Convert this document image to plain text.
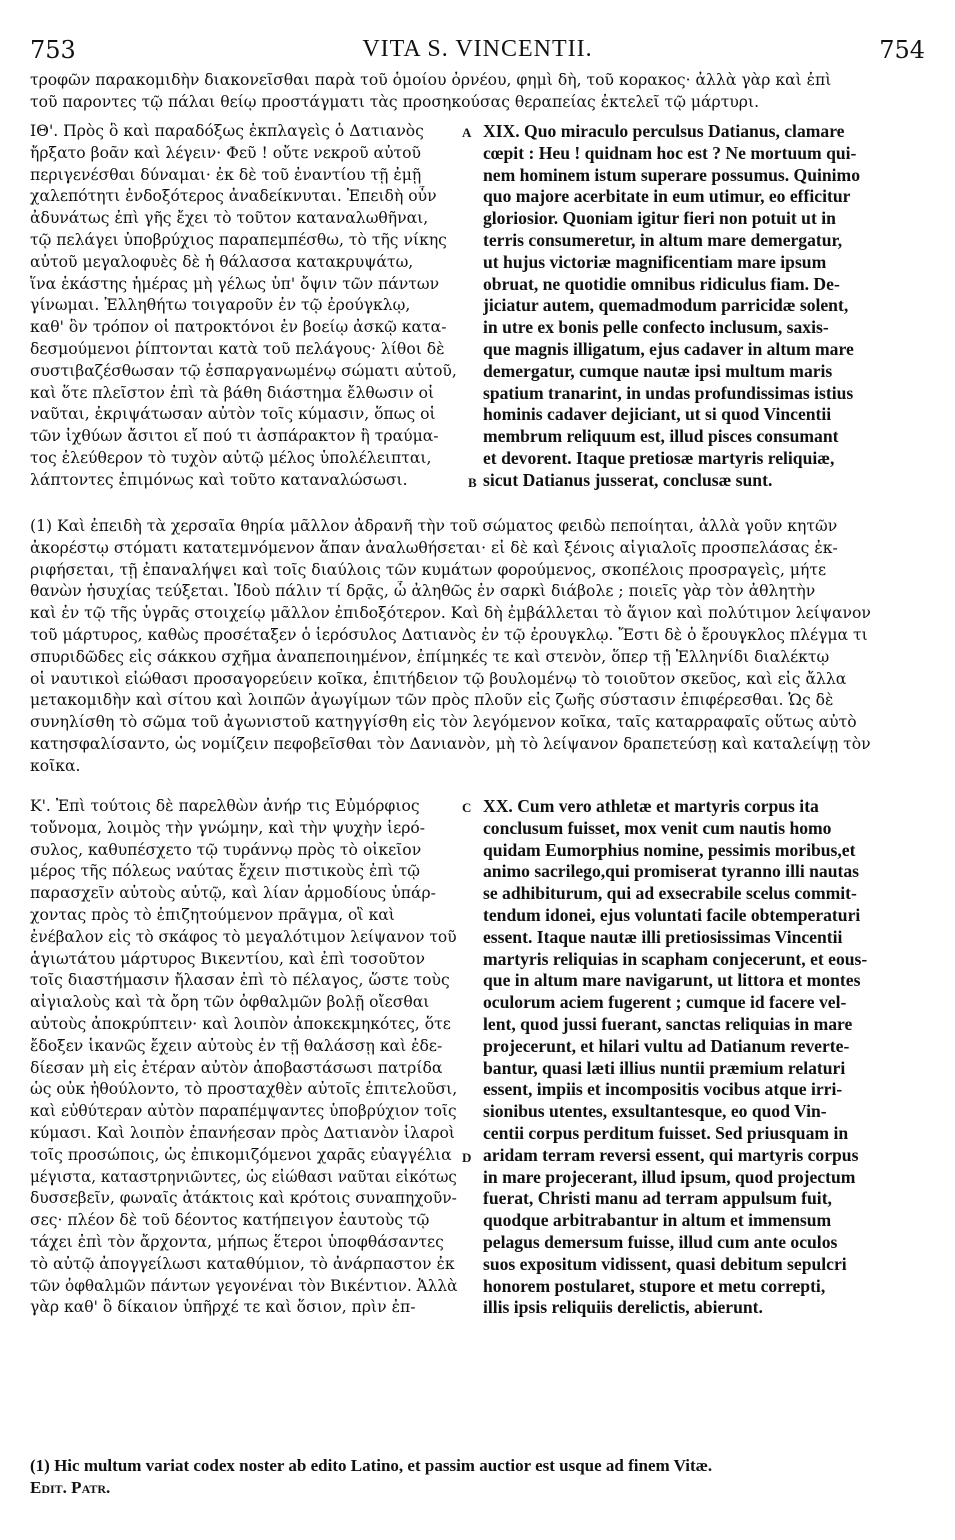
753	VITA S. VINCENTII.	754
τροφῶν παρακομιδὴν διακονεῖσθαι παρὰ τοῦ ὁμοίου ὀρνέου, φημὶ δὴ, τοῦ κορακος· ἀλλὰ γὰρ καὶ ἐπὶ
τοῦ παροντες τῷ πάλαι θείῳ προστάγματι τὰς προσηκούσας θεραπείας ἐκτελεῖ τῷ μάρτυρι.
ΙΘ'. Πρὸς ὃ καὶ παραδόξως ἐκπλαγεὶς ὁ Δατιανὸς
ἤρξατο βοᾶν καὶ λέγειν· Φεῦ ! οὔτε νεκροῦ αὐτοῦ
περιγενέσθαι δύναμαι· ἐκ δὲ τοῦ ἐναντίου τῇ ἐμῇ
χαλεπότητι ἐνδοξότερος ἀναδείκνυται. Ἐπειδὴ οὖν
ἀδυνάτως ἐπὶ γῆς ἔχει τὸ τοῦτον καταναλωθῆναι,
τῷ πελάγει ὑποβρύχιος παραπεμπέσθω, τὸ τῆς νίκης
αὐτοῦ μεγαλοφυὲς δὲ ἡ θάλασσα κατακρυψάτω,
ἵνα ἑκάστης ἡμέρας μὴ γέλως ὑπ' ὄψιν τῶν πάντων
γίνωμαι. Ἐλληθήτω τοιγαροῦν ἐν τῷ ἐρούγκλῳ,
καθ' ὃν τρόπον οἱ πατροκτόνοι ἐν βοείῳ ἀσκῷ κατα-
δεσμούμενοι ῥίπτονται κατὰ τοῦ πελάγους· λίθοι δὲ
συστιβαζέσθωσαν τῷ ἐσπαργανωμένῳ σώματι αὐτοῦ,
καὶ ὅτε πλεῖστον ἐπὶ τὰ βάθη διάστημα ἔλθωσιν οἱ
ναῦται, ἐκριψάτωσαν αὐτὸν τοῖς κύμασιν, ὅπως οἱ
τῶν ἰχθύων ἄσιτοι εἴ πού τι ἀσπάρακτον ἢ τραύμα-
τος ἐλεύθερον τὸ τυχὸν αὐτῷ μέλος ὑπολέλειπται,
λάπτοντες ἐπιμόνως καὶ τοῦτο καταναλώσωσι.
A
B
XIX. Quo miraculo perculsus Datianus, clamare
cœpit : Heu ! quidnam hoc est ? Ne mortuum qui-
nem hominem istum superare possumus. Quinimo
quo majore acerbitate in eum utimur, eo efficitur
gloriosior. Quoniam igitur fieri non potuit ut in
terris consumeretur, in altum mare demergatur,
ut hujus victoriæ magnificentiam mare ipsum
obruat, ne quotidie omnibus ridiculus fiam. De-
jiciatur autem, quemadmodum parricidæ solent,
in utre ex bonis pelle confecto inclusum, saxis-
que magnis illigatum, ejus cadaver in altum mare
demergatur, cumque nautæ ipsi multum maris
spatium tranarint, in undas profundissimas istius
hominis cadaver dejiciant, ut si quod Vincentii
membrum reliquum est, illud pisces consumant
et devorent. Itaque pretiosæ martyris reliquiæ,
sicut Datianus jusserat, conclusæ sunt.
(1) Καὶ ἐπειδὴ τὰ χερσαῖα θηρία μᾶλλον ἀδρανῆ τὴν τοῦ σώματος φειδὼ πεποίηται, ἀλλὰ γοῦν κητῶν
ἀκορέστῳ στόματι κατατεμνόμενον ἅπαν ἀναλωθήσεται· εἰ δὲ καὶ ξένοις αἰγιαλοῖς προσπελάσας ἐκ-
ριφήσεται, τῇ ἐπαναλήψει καὶ τοῖς διαύλοις τῶν κυμάτων φορούμενος, σκοπέλοις προσραγεὶς, μήτε
θανὼν ἡσυχίας τεύξεται. Ἰδοὺ πάλιν τί δρᾷς, ὦ ἀληθῶς ἐν σαρκὶ διάβολε ; ποιεῖς γὰρ τὸν ἀθλητὴν
καὶ ἐν τῷ τῆς ὑγρᾶς στοιχείῳ μᾶλλον ἐπιδοξότερον. Καὶ δὴ ἐμβάλλεται τὸ ἅγιον καὶ πολύτιμον λείψανον
τοῦ μάρτυρος, καθὼς προσέταξεν ὁ ἱερόσυλος Δατιανὸς ἐν τῷ ἐρουγκλῳ. Ἔστι δὲ ὁ ἔρουγκλος πλέγμα τι
σπυριδῶδες εἰς σάκκου σχῆμα ἀναπεποιημένον, ἐπίμηκές τε καὶ στενὸν, ὅπερ τῇ Ἑλληνίδι διαλέκτῳ
οἱ ναυτικοὶ εἰώθασι προσαγορεύειν κοῖκα, ἐπιτήδειον τῷ βουλομένῳ τὸ τοιοῦτον σκεῦος, καὶ εἰς ἄλλα
μετακομιδὴν καὶ σίτου καὶ λοιπῶν ἀγωγίμων τῶν πρὸς πλοῦν εἰς ζωῆς σύστασιν ἐπιφέρεσθαι. Ὡς δὲ
συνηλίσθη τὸ σῶμα τοῦ ἀγωνιστοῦ κατηγγίσθη εἰς τὸν λεγόμενον κοῖκα, ταῖς καταρραφαῖς οὕτως αὐτὸ
κατησφαλίσαντο, ὡς νομίζειν πεφοβεῖσθαι τὸν Δανιανὸν, μὴ τὸ λείψανον δραπετεύσῃ καὶ καταλείψῃ τὸν
κοῖκα.
Κ'. Ἐπὶ τούτοις δὲ παρελθὼν ἀνήρ τις Εὐμόρφιος
τοὔνομα, λοιμὸς τὴν γνώμην, καὶ τὴν ψυχὴν ἱερό-
συλος, καθυπέσχετο τῷ τυράννῳ πρὸς τὸ οἰκεῖον
μέρος τῆς πόλεως ναύτας ἔχειν πιστικοὺς ἐπὶ τῷ
παρασχεῖν αὐτοὺς αὐτῷ, καὶ λίαν ἁρμοδίους ὑπάρ-
χοντας πρὸς τὸ ἐπιζητούμενον πρᾶγμα, οἳ καὶ
ἐνέβαλον εἰς τὸ σκάφος τὸ μεγαλότιμον λείψανον τοῦ
ἁγιωτάτου μάρτυρος Βικεντίου, καὶ ἐπὶ τοσοῦτον
τοῖς διαστήμασιν ἤλασαν ἐπὶ τὸ πέλαγος, ὥστε τοὺς
αἰγιαλοὺς καὶ τὰ ὄρη τῶν ὀφθαλμῶν βολῇ οἴεσθαι
αὐτοὺς ἀποκρύπτειν· καὶ λοιπὸν ἀποκεκμηκότες, ὅτε
ἔδοξεν ἱκανῶς ἔχειν αὐτοὺς ἐν τῇ θαλάσσῃ καὶ ἐδε-
δίεσαν μὴ εἰς ἑτέραν αὐτὸν ἀποβαστάσωσι πατρίδα
ὡς οὐκ ἠθούλοντο, τὸ προσταχθὲν αὐτοῖς ἐπιτελοῦσι,
καὶ εὐθύτεραν αὐτὸν παραπέμψαντες ὑποβρύχιον τοῖς
κύμασι. Καὶ λοιπὸν ἐπανήεσαν πρὸς Δατιανὸν ἱλαροὶ
τοῖς προσώποις, ὡς ἐπικομιζόμενοι χαρᾶς εὐαγγέλια
μέγιστα, καταστρηνιῶντες, ὡς εἰώθασι ναῦται εἰκότως
δυσσεβεῖν, φωναῖς ἀτάκτοις καὶ κρότοις συναπηχοῦν-
σες· πλέον δὲ τοῦ δέοντος κατήπειγον ἑαυτοὺς τῷ
τάχει ἐπὶ τὸν ἄρχοντα, μήπως ἕτεροι ὑποφθάσαντες
τὸ αὐτῷ ἀπογγείλωσι καταθύμιον, τὸ ἀνάρπαστον ἐκ
τῶν ὀφθαλμῶν πάντων γεγονέναι τὸν Βικέντιον. Ἀλλὰ
γὰρ καθ' ὃ δίκαιον ὑπῆρχέ τε καὶ ὅσιον, πρὶν ἐπ-
C
D
XX. Cum vero athletæ et martyris corpus ita
conclusum fuisset, mox venit cum nautis homo
quidam Eumorphius nomine, pessimis moribus,et
animo sacrilego,qui promiserat tyranno illi nautas
se adhibiturum, qui ad exsecrabile scelus commit-
tendum idonei, ejus voluntati facile obtemperaturi
essent. Itaque nautæ illi pretiosissimas Vincentii
martyris reliquias in scapham conjecerunt, et eous-
que in altum mare navigarunt, ut littora et montes
oculorum aciem fugerent ; cumque id facere vel-
lent, quod jussi fuerant, sanctas reliquias in mare
projecerunt, et hilari vultu ad Datianum reverte-
bantur, quasi læti illius nuntii præmium relaturi
essent, impiis et incompositis vocibus atque irri-
sionibus utentes, exsultantesque, eo quod Vin-
centii corpus perditum fuisset. Sed priusquam in
aridam terram reversi essent, qui martyris corpus
in mare projecerant, illud ipsum, quod projectum
fuerat, Christi manu ad terram appulsum fuit,
quodque arbitrabantur in altum et immensum
pelagus demersum fuisse, illud cum ante oculos
suos expositum vidissent, quasi debitum sepulcri
honorem postularet, stupore et metu correpti,
illis ipsis reliquiis derelictis, abierunt.
(1) Hic multum variat codex noster ab edito Latino, et passim auctior est usque ad finem Vitæ.
Edit. Patr.
